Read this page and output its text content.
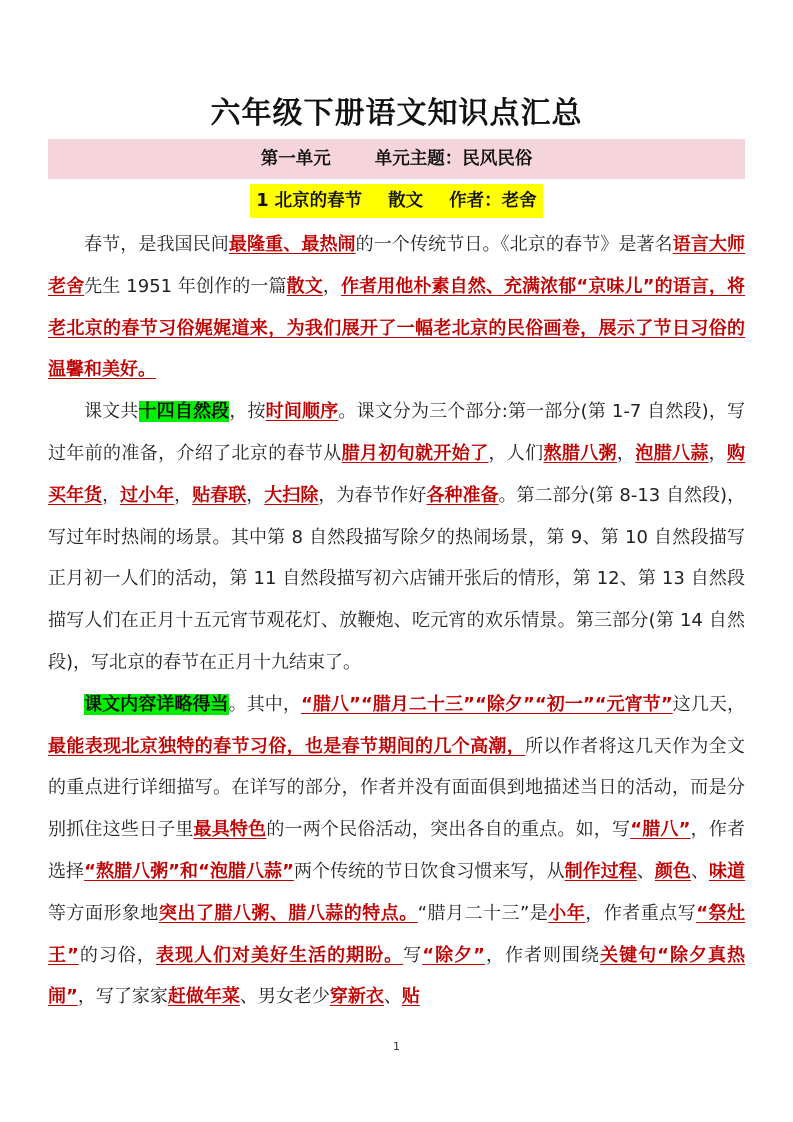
六年级下册语文知识点汇总
第一单元	单元主题：民风民俗
1 北京的春节 散文 作者：老舍

春节，是我国民间最隆重、最热闹的一个传统节日。《北京的春节》是著名语言大师老舍先生 1951 年创作的一篇散文，作者用他朴素自然、充满浓郁“京味儿”的语言，将老北京的春节习俗娓娓道来，为我们展开了一幅老北京的民俗画卷，展示了节日习俗的温馨和美好。

课文共十四自然段，按时间顺序。课文分为三个部分:第一部分(第 1-7 自然段)，写过年前的准备，介绍了北京的春节从腊月初旬就开始了，人们熬腊八粥，泡腊八蒜，购买年货，过小年，贴春联，大扫除，为春节作好各种准备。第二部分(第 8-13 自然段)，写过年时热闹的场景。其中第 8 自然段描写除夕的热闹场景，第 9、第 10 自然段描写正月初一人们的活动，第 11 自然段描写初六店铺开张后的情形，第 12、第 13 自然段描写人们在正月十五元宵节观花灯、放鞭炮、吃元宵的欢乐情景。第三部分(第 14 自然段)，写北京的春节在正月十九结束了。

课文内容详略得当。其中，“腊八”“腊月二十三”“除夕”“初一”“元宵节”这几天，最能表现北京独特的春节习俗，也是春节期间的几个高潮，所以作者将这几天作为全文的重点进行详细描写。在详写的部分，作者并没有面面俱到地描述当日的活动，而是分别抓住这些日子里最具特色的一两个民俗活动，突出各自的重点。如，写“腊八”，作者选择“熬腊八粥”和“泡腊八蒜”两个传统的节日饮食习惯来写，从制作过程、颜色、味道等方面形象地突出了腊八粥、腊八蒜的特点。“腊月二十三”是小年，作者重点写“祭灶王”的习俗，表现人们对美好生活的期盼。写“除夕”，作者则围绕关键句“除夕真热闹”，写了家家赶做年菜、男女老少穿新衣、贴

1
